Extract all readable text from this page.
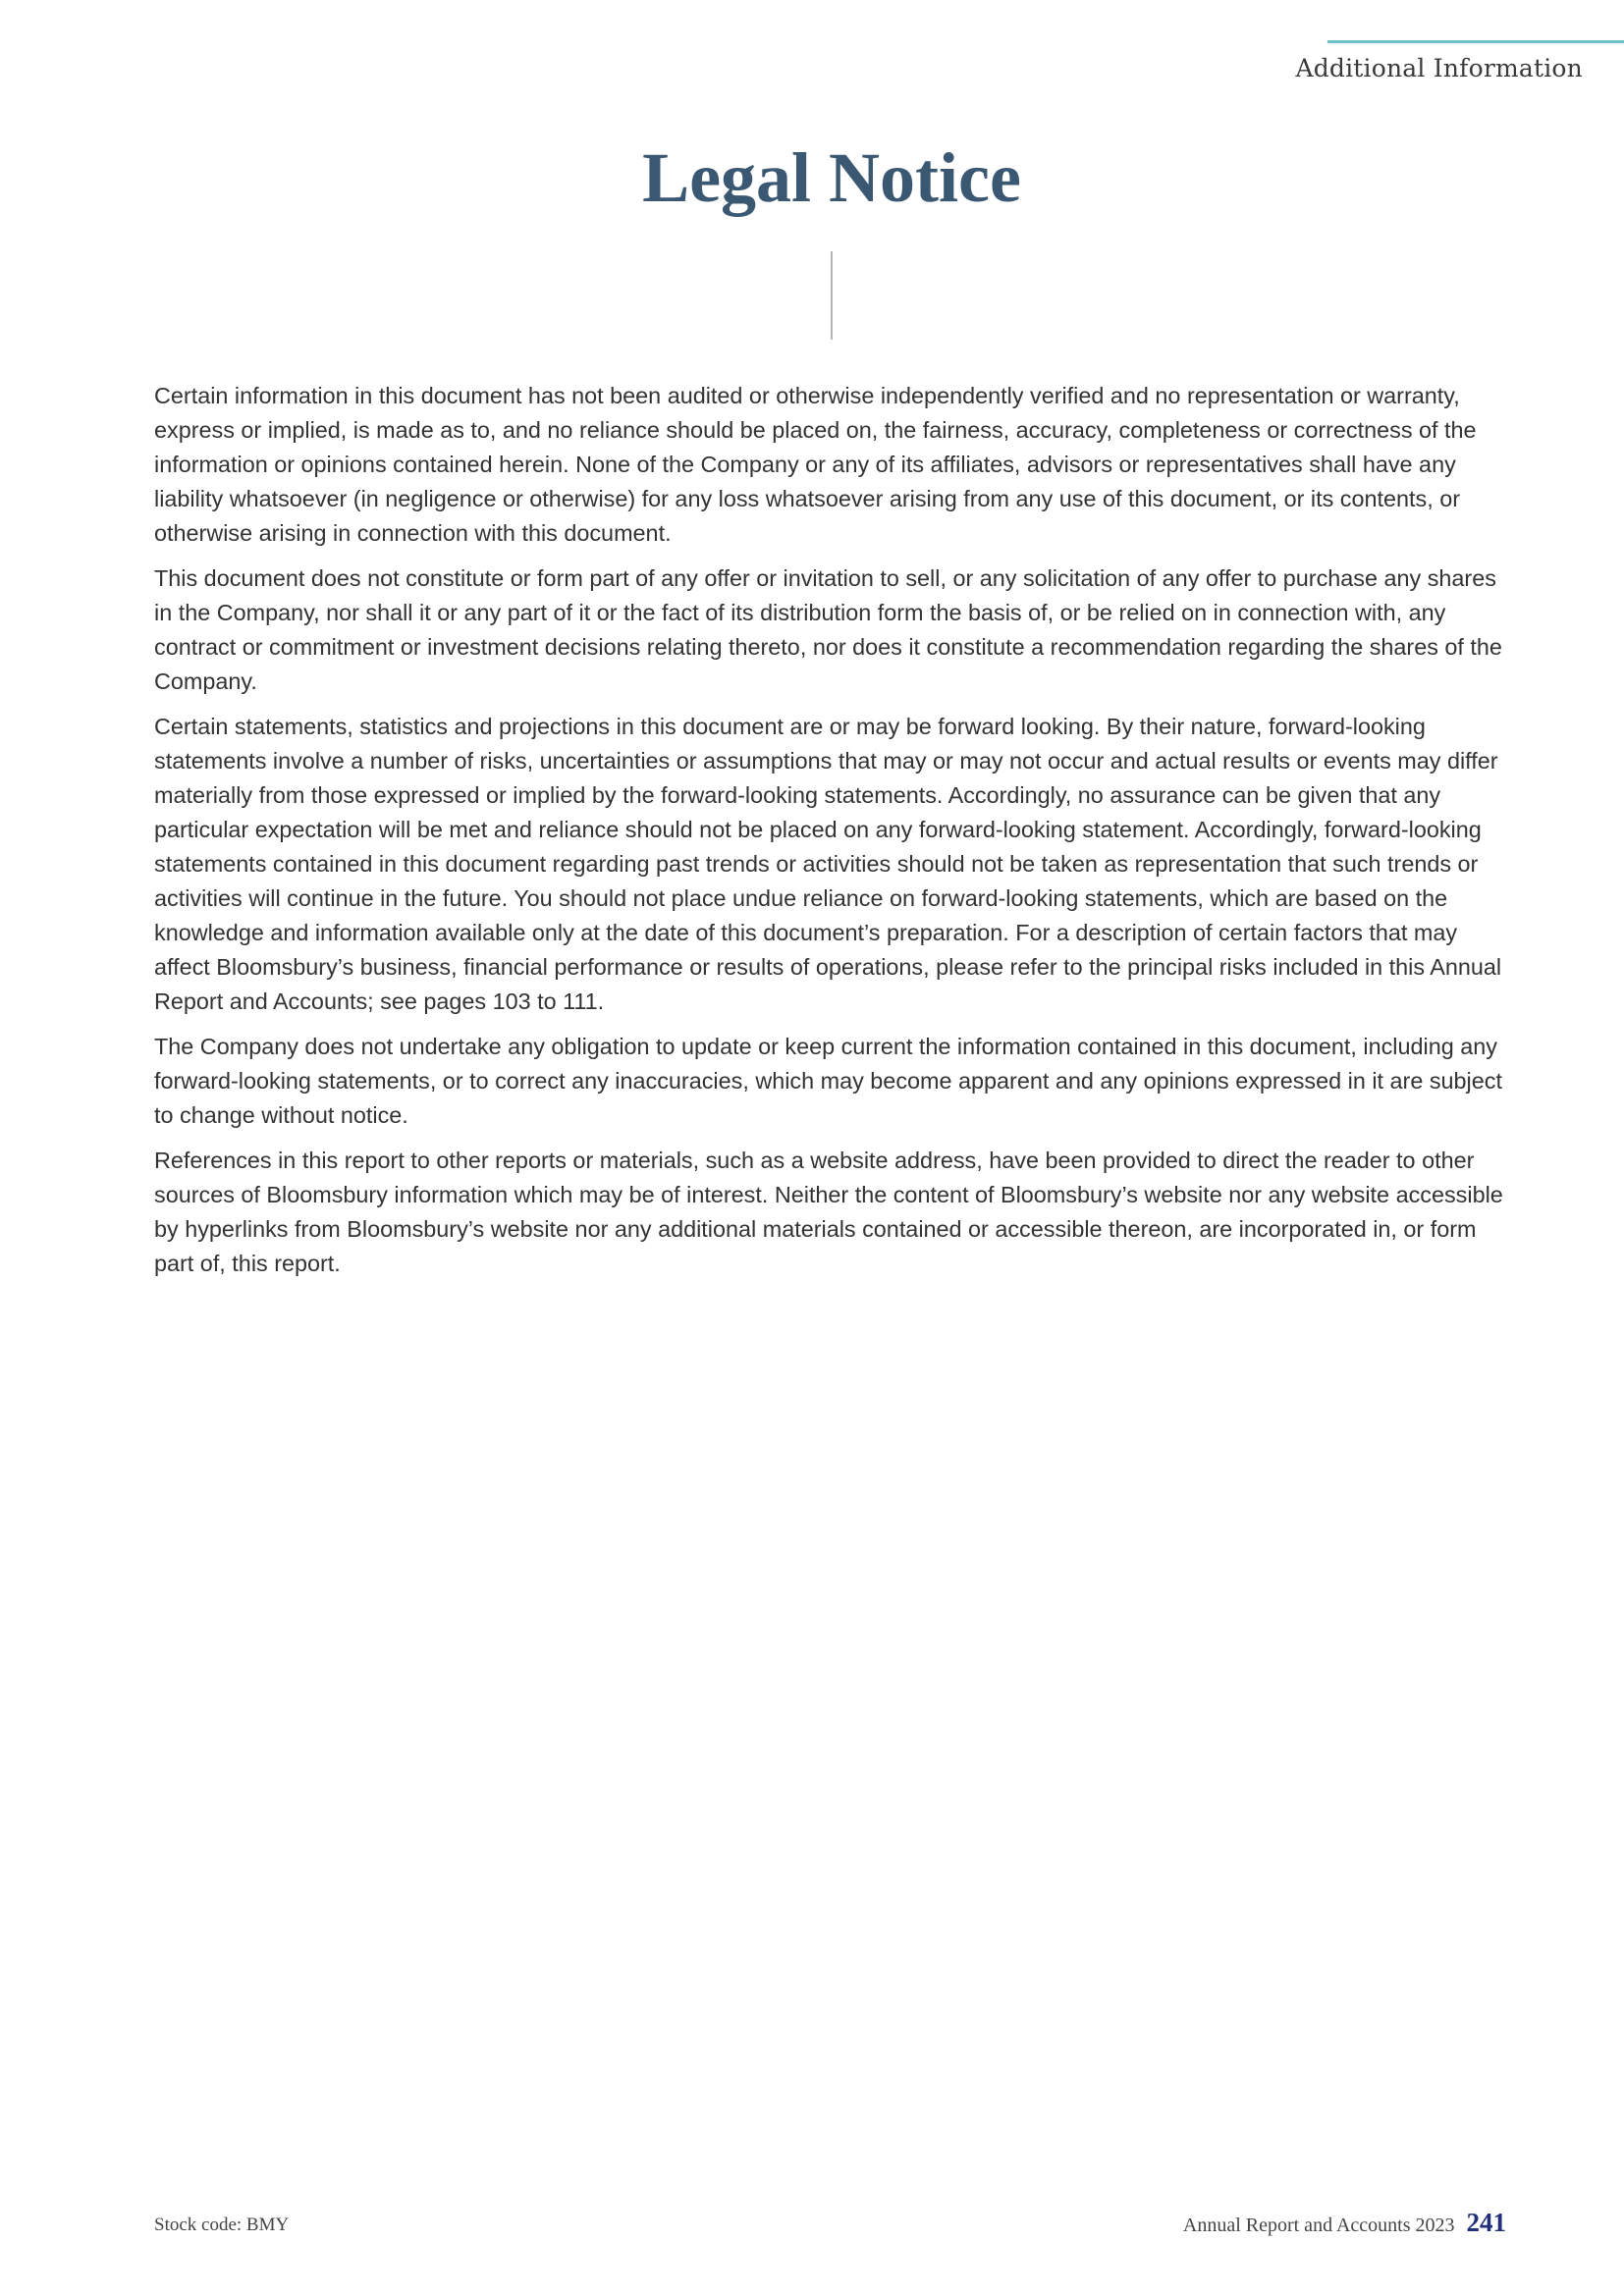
Additional Information
Legal Notice

Certain information in this document has not been audited or otherwise independently verified and no representation or warranty, express or implied, is made as to, and no reliance should be placed on, the fairness, accuracy, completeness or correctness of the information or opinions contained herein. None of the Company or any of its affiliates, advisors or representatives shall have any liability whatsoever (in negligence or otherwise) for any loss whatsoever arising from any use of this document, or its contents, or otherwise arising in connection with this document.

This document does not constitute or form part of any offer or invitation to sell, or any solicitation of any offer to purchase any shares in the Company, nor shall it or any part of it or the fact of its distribution form the basis of, or be relied on in connection with, any contract or commitment or investment decisions relating thereto, nor does it constitute a recommendation regarding the shares of the Company.

Certain statements, statistics and projections in this document are or may be forward looking. By their nature, forward-looking statements involve a number of risks, uncertainties or assumptions that may or may not occur and actual results or events may differ materially from those expressed or implied by the forward-looking statements. Accordingly, no assurance can be given that any particular expectation will be met and reliance should not be placed on any forward-looking statement. Accordingly, forward-looking statements contained in this document regarding past trends or activities should not be taken as representation that such trends or activities will continue in the future. You should not place undue reliance on forward-looking statements, which are based on the knowledge and information available only at the date of this document’s preparation. For a description of certain factors that may affect Bloomsbury’s business, financial performance or results of operations, please refer to the principal risks included in this Annual Report and Accounts; see pages 103 to 111.

The Company does not undertake any obligation to update or keep current the information contained in this document, including any forward-looking statements, or to correct any inaccuracies, which may become apparent and any opinions expressed in it are subject to change without notice.

References in this report to other reports or materials, such as a website address, have been provided to direct the reader to other sources of Bloomsbury information which may be of interest. Neither the content of Bloomsbury’s website nor any website accessible by hyperlinks from Bloomsbury’s website nor any additional materials contained or accessible thereon, are incorporated in, or form part of, this report.

Stock code: BMY	Annual Report and Accounts 2023 241
